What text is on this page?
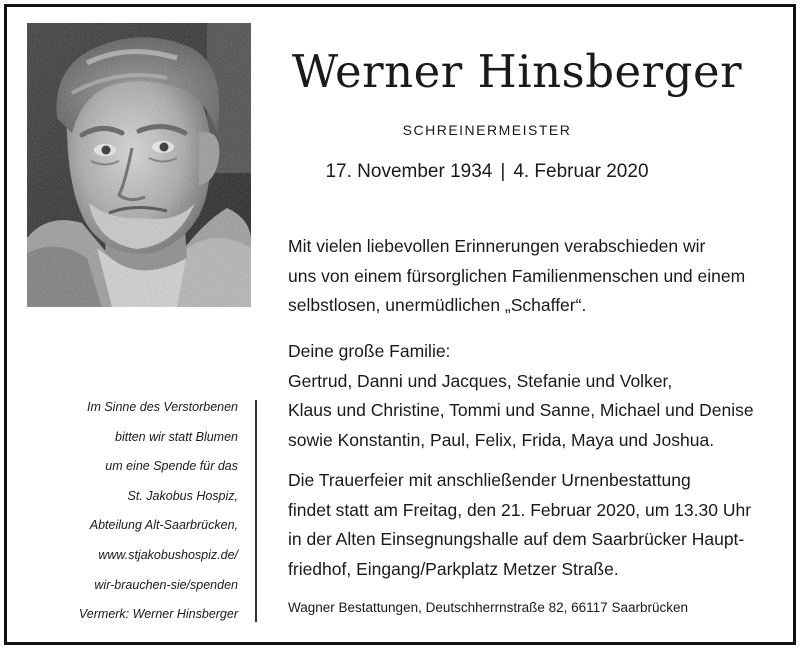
Werner Hinsberger
SCHREINERMEISTER
17. November 1934 | 4. Februar 2020
Mit vielen liebevollen Erinnerungen verabschieden wir
uns von einem fürsorglichen Familienmenschen und einem
selbstlosen, unermüdlichen „Schaffer“.
Deine große Familie:
Gertrud, Danni und Jacques, Stefanie und Volker,
Klaus und Christine, Tommi und Sanne, Michael und Denise
sowie Konstantin, Paul, Felix, Frida, Maya und Joshua.
Die Trauerfeier mit anschließender Urnenbestattung
findet statt am Freitag, den 21. Februar 2020, um 13.30 Uhr
in der Alten Einsegnungshalle auf dem Saarbrücker Haupt-
friedhof, Eingang/Parkplatz Metzer Straße.
Wagner Bestattungen, Deutschherrnstraße 82, 66117 Saarbrücken
Im Sinne des Verstorbenen
bitten wir statt Blumen
um eine Spende für das
St. Jakobus Hospiz,
Abteilung Alt-Saarbrücken,
www.stjakobushospiz.de/
wir-brauchen-sie/spenden
Vermerk: Werner Hinsberger
